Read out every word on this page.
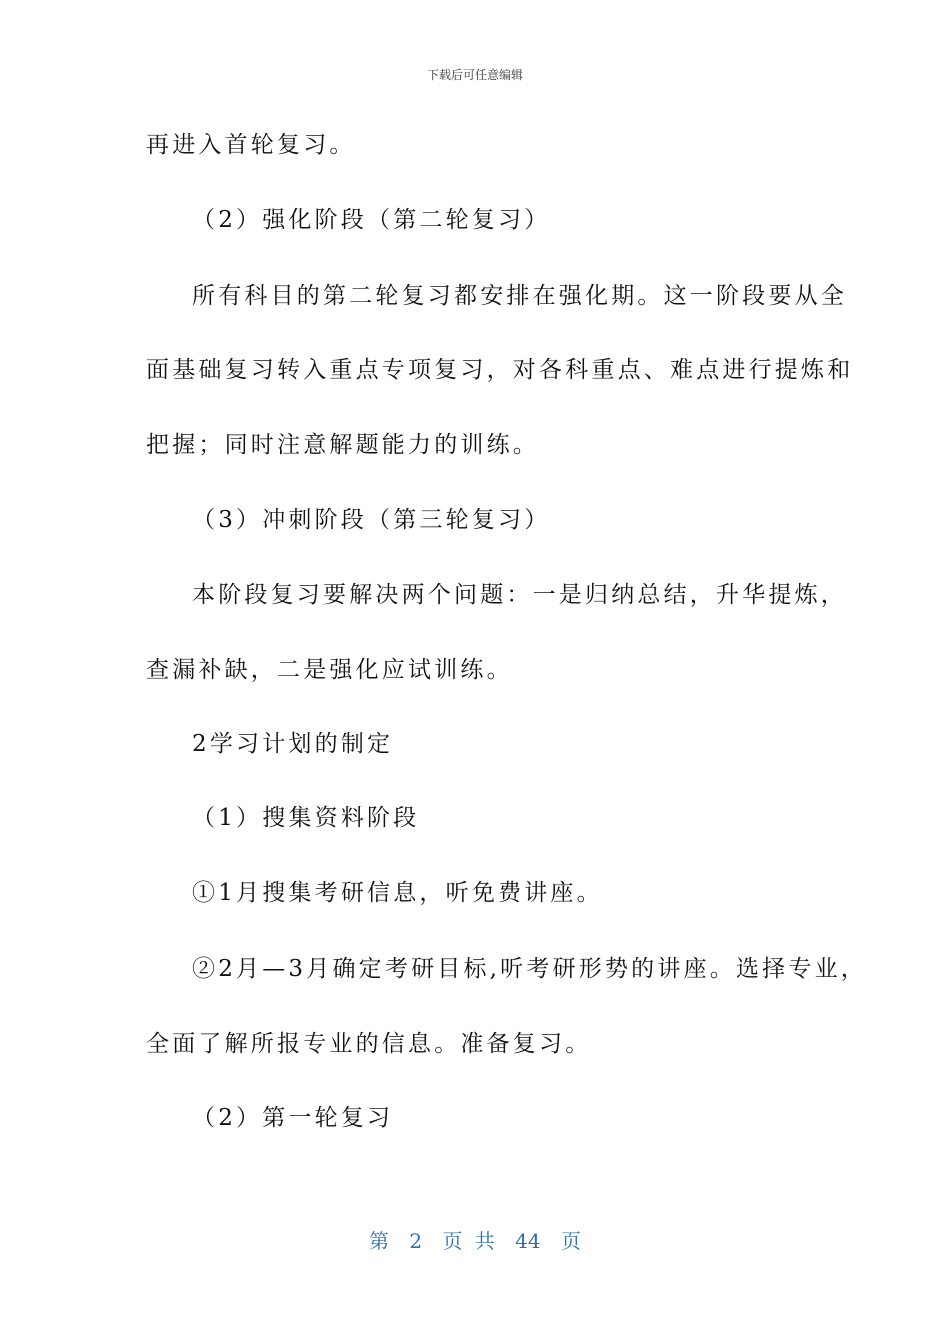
下载后可任意编辑
再进入首轮复习。
（2）强化阶段（第二轮复习）
所有科目的第二轮复习都安排在强化期。这一阶段要从全
面基础复习转入重点专项复习，对各科重点、难点进行提炼和
把握；同时注意解题能力的训练。
（3）冲刺阶段（第三轮复习）
本阶段复习要解决两个问题：一是归纳总结，升华提炼，
查漏补缺，二是强化应试训练。
2学习计划的制定
（1）搜集资料阶段
①1月搜集考研信息，听免费讲座。
②2月—3月确定考研目标,听考研形势的讲座。选择专业，
全面了解所报专业的信息。准备复习。
（2）第一轮复习
第 2 页 共 44 页
